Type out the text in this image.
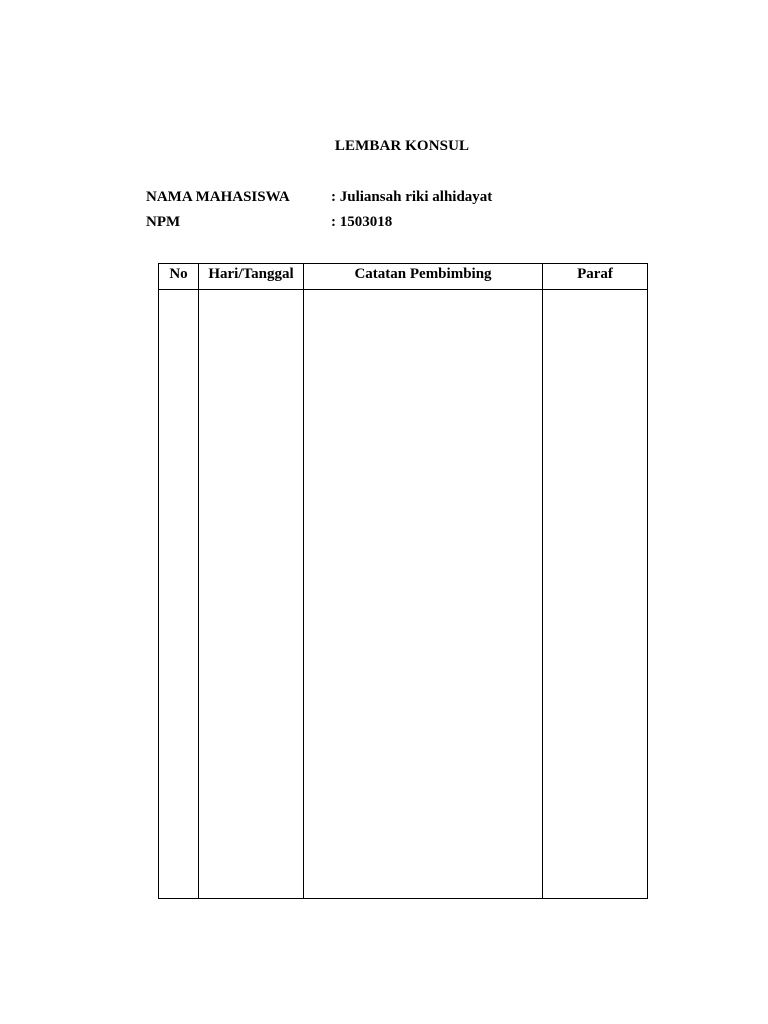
LEMBAR KONSUL
NAMA MAHASISWA	: Juliansah riki alhidayat
NPM	: 1503018
No	Hari/Tanggal	Catatan Pembimbing	Paraf
